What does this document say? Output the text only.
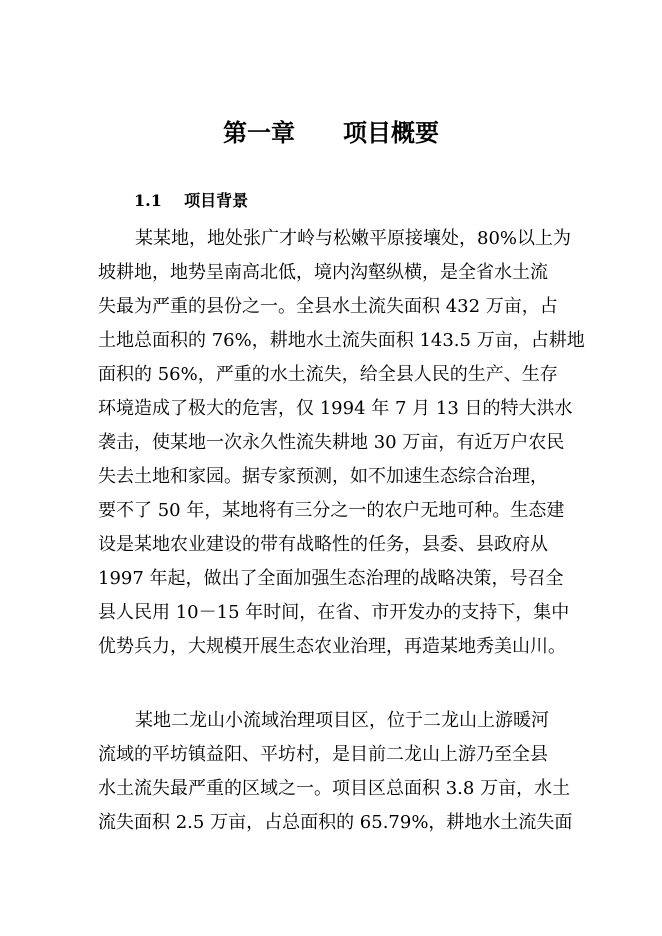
第一章　　项目概要
1.1 项目背景
某某地，地处张广才岭与松嫩平原接壤处，80%以上为
坡耕地，地势呈南高北低，境内沟壑纵横，是全省水土流
失最为严重的县份之一。全县水土流失面积 432 万亩，占
土地总面积的 76%，耕地水土流失面积 143.5 万亩，占耕地
面积的 56%，严重的水土流失，给全县人民的生产、生存
环境造成了极大的危害，仅 1994 年 7 月 13 日的特大洪水
袭击，使某地一次永久性流失耕地 30 万亩，有近万户农民
失去土地和家园。据专家预测，如不加速生态综合治理，
要不了 50 年，某地将有三分之一的农户无地可种。生态建
设是某地农业建设的带有战略性的任务，县委、县政府从
1997 年起，做出了全面加强生态治理的战略决策，号召全
县人民用 10－15 年时间，在省、市开发办的支持下，集中
优势兵力，大规模开展生态农业治理，再造某地秀美山川。
某地二龙山小流域治理项目区，位于二龙山上游暖河
流域的平坊镇益阳、平坊村，是目前二龙山上游乃至全县
水土流失最严重的区域之一。项目区总面积 3.8 万亩，水土
流失面积 2.5 万亩，占总面积的 65.79%，耕地水土流失面
